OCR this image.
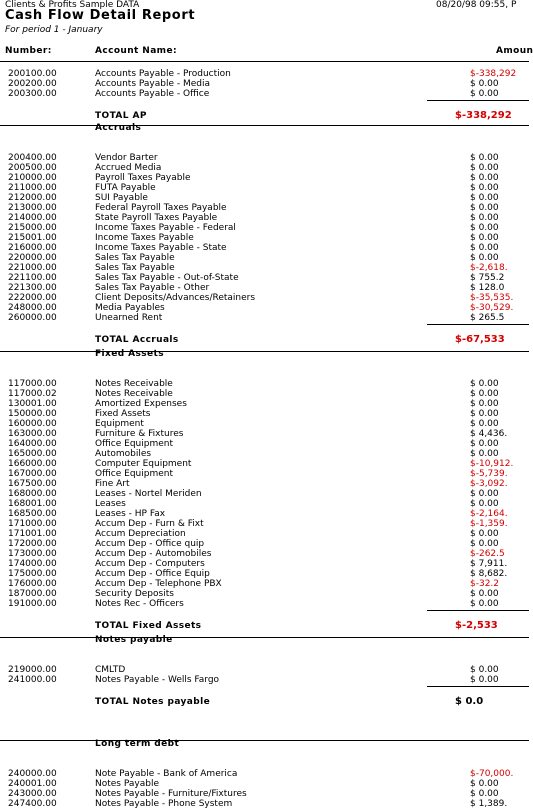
Clients & Profits Sample DATA	08/20/98 09:55, P
Cash Flow Detail Report
For period 1 - January
Number:	Account Name:	Amoun
200100.00	Accounts Payable - Production	$-338,292
200200.00	Accounts Payable - Media	$ 0.00
200300.00	Accounts Payable - Office	$ 0.00
TOTAL AP	$-338,292
Accruals
200400.00	Vendor Barter	$ 0.00
200500.00	Accrued Media	$ 0.00
210000.00	Payroll Taxes Payable	$ 0.00
211000.00	FUTA Payable	$ 0.00
212000.00	SUI Payable	$ 0.00
213000.00	Federal Payroll Taxes Payable	$ 0.00
214000.00	State Payroll Taxes Payable	$ 0.00
215000.00	Income Taxes Payable - Federal	$ 0.00
215001.00	Income Taxes Payable	$ 0.00
216000.00	Income Taxes Payable - State	$ 0.00
220000.00	Sales Tax Payable	$ 0.00
221000.00	Sales Tax Payable	$-2,618.
221100.00	Sales Tax Payable - Out-of-State	$ 755.2
221300.00	Sales Tax Payable - Other	$ 128.0
222000.00	Client Deposits/Advances/Retainers	$-35,535.
248000.00	Media Payables	$-30,529.
260000.00	Unearned Rent	$ 265.5
TOTAL Accruals	$-67,533
Fixed Assets
117000.00	Notes Receivable	$ 0.00
117000.02	Notes Receivable	$ 0.00
130001.00	Amortized Expenses	$ 0.00
150000.00	Fixed Assets	$ 0.00
160000.00	Equipment	$ 0.00
163000.00	Furniture & Fixtures	$ 4,436.
164000.00	Office Equipment	$ 0.00
165000.00	Automobiles	$ 0.00
166000.00	Computer Equipment	$-10,912.
167000.00	Office Equipment	$-5,739.
167500.00	Fine Art	$-3,092.
168000.00	Leases - Nortel Meriden	$ 0.00
168001.00	Leases	$ 0.00
168500.00	Leases - HP Fax	$-2,164.
171000.00	Accum Dep - Furn & Fixt	$-1,359.
171001.00	Accum Depreciation	$ 0.00
172000.00	Accum Dep - Office quip	$ 0.00
173000.00	Accum Dep - Automobiles	$-262.5
174000.00	Accum Dep - Computers	$ 7,911.
175000.00	Accum Dep - Office Equip	$ 8,682.
176000.00	Accum Dep - Telephone PBX	$-32.2
187000.00	Security Deposits	$ 0.00
191000.00	Notes Rec - Officers	$ 0.00
TOTAL Fixed Assets	$-2,533
Notes payable
219000.00	CMLTD	$ 0.00
241000.00	Notes Payable - Wells Fargo	$ 0.00
TOTAL Notes payable	$ 0.0
Long term debt
240000.00	Note Payable - Bank of America	$-70,000.
240001.00	Notes Payable	$ 0.00
243000.00	Notes Payable - Furniture/Fixtures	$ 0.00
247400.00	Notes Payable - Phone System	$ 1,389.
